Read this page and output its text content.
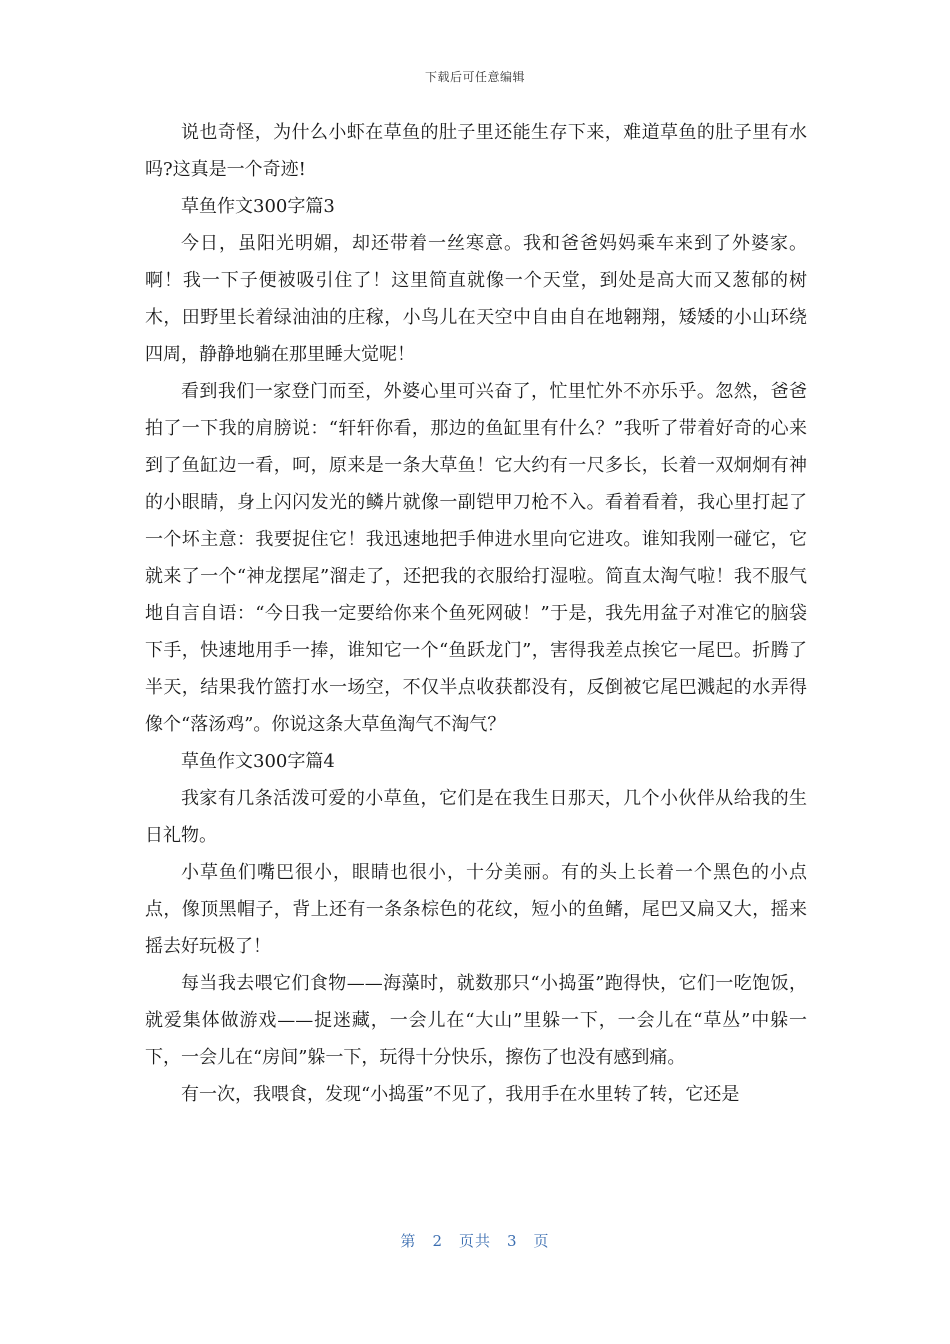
下载后可任意编辑

说也奇怪，为什么小虾在草鱼的肚子里还能生存下来，难道草鱼的肚子里有水吗?这真是一个奇迹!

草鱼作文300字篇3

今日，虽阳光明媚，却还带着一丝寒意。我和爸爸妈妈乘车来到了外婆家。啊！我一下子便被吸引住了！这里简直就像一个天堂，到处是高大而又葱郁的树木，田野里长着绿油油的庄稼，小鸟儿在天空中自由自在地翱翔，矮矮的小山环绕四周，静静地躺在那里睡大觉呢！

看到我们一家登门而至，外婆心里可兴奋了，忙里忙外不亦乐乎。忽然，爸爸拍了一下我的肩膀说：“轩轩你看，那边的鱼缸里有什么？”我听了带着好奇的心来到了鱼缸边一看，呵，原来是一条大草鱼！它大约有一尺多长，长着一双炯炯有神的小眼睛，身上闪闪发光的鳞片就像一副铠甲刀枪不入。看着看着，我心里打起了一个坏主意：我要捉住它！我迅速地把手伸进水里向它进攻。谁知我刚一碰它，它就来了一个“神龙摆尾”溜走了，还把我的衣服给打湿啦。简直太淘气啦！我不服气地自言自语：“今日我一定要给你来个鱼死网破！”于是，我先用盆子对准它的脑袋下手，快速地用手一捧，谁知它一个“鱼跃龙门”，害得我差点挨它一尾巴。折腾了半天，结果我竹篮打水一场空，不仅半点收获都没有，反倒被它尾巴溅起的水弄得像个“落汤鸡”。你说这条大草鱼淘气不淘气？

草鱼作文300字篇4

我家有几条活泼可爱的小草鱼，它们是在我生日那天，几个小伙伴从给我的生日礼物。

小草鱼们嘴巴很小，眼睛也很小，十分美丽。有的头上长着一个黑色的小点点，像顶黑帽子，背上还有一条条棕色的花纹，短小的鱼鳍，尾巴又扁又大，摇来摇去好玩极了！

每当我去喂它们食物——海藻时，就数那只“小捣蛋”跑得快，它们一吃饱饭，就爱集体做游戏——捉迷藏，一会儿在“大山”里躲一下，一会儿在“草丛”中躲一下，一会儿在“房间”躲一下，玩得十分快乐，擦伤了也没有感到痛。

有一次，我喂食，发现“小捣蛋”不见了，我用手在水里转了转，它还是

第 2 页共 3 页
